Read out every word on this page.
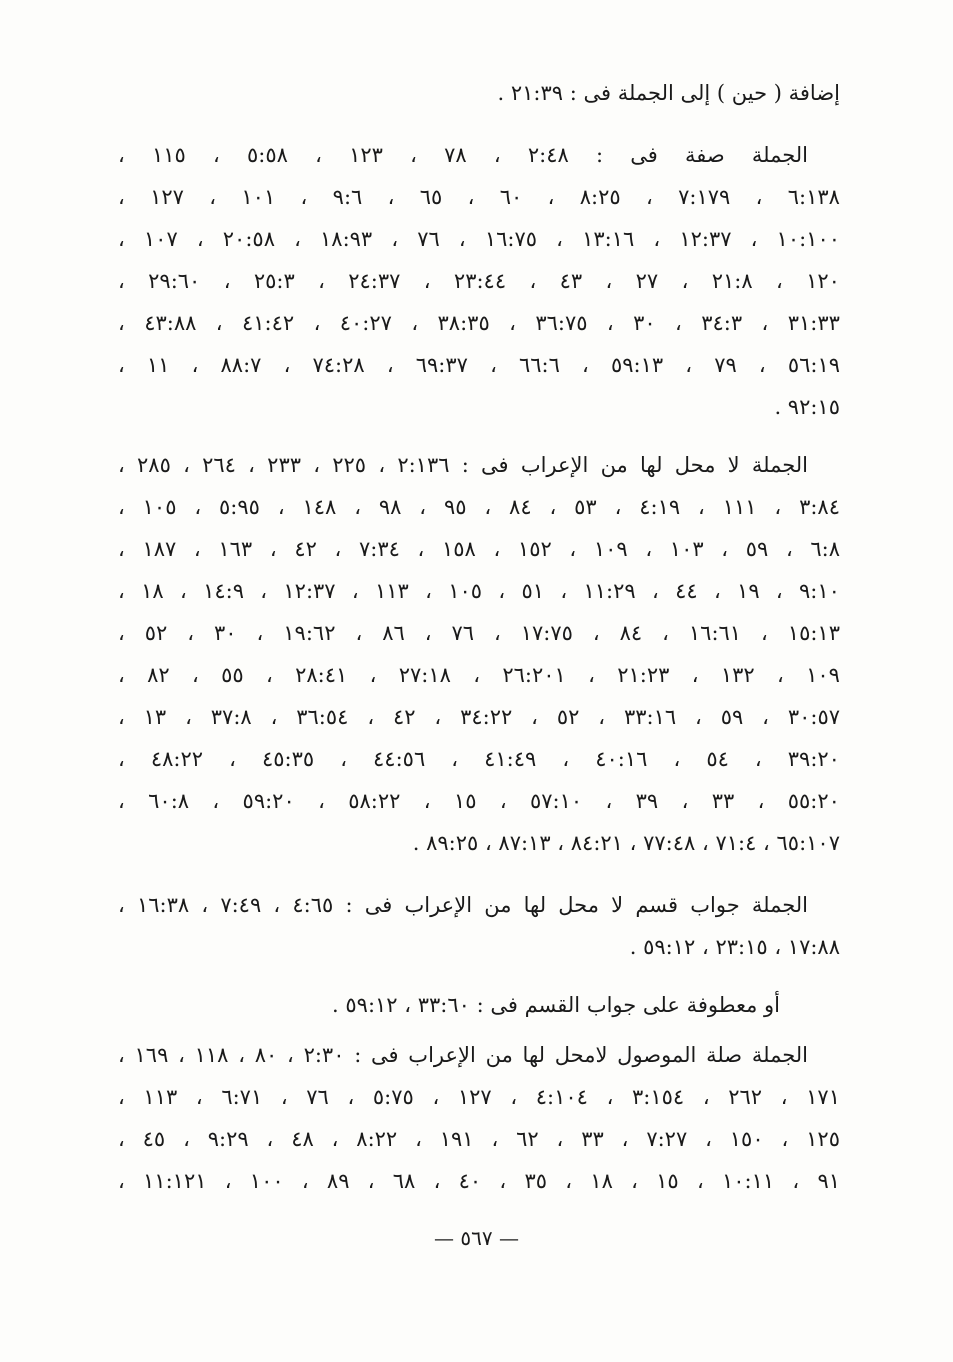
إضافة ( حين ) إلى الجملة فى : ٢١:٣٩ .
الجملة صفة فى : ٢:٤٨ ، ٧٨ ، ١٢٣ ، ٥:٥٨ ، ١١٥ ،
٦:١٣٨ ، ٧:١٧٩ ، ٨:٢٥ ، ٦٠ ، ٦٥ ، ٩:٦ ، ١٠١ ، ١٢٧ ،
١٠:١٠٠ ، ١٢:٣٧ ، ١٣:١٦ ، ١٦:٧٥ ، ٧٦ ، ١٨:٩٣ ، ٢٠:٥٨ ، ١٠٧ ،
١٢٠ ، ٢١:٨ ، ٢٧ ، ٤٣ ، ٢٣:٤٤ ، ٢٤:٣٧ ، ٢٥:٣ ، ٢٩:٦٠ ،
٣١:٣٣ ، ٣٤:٣ ، ٣٠ ، ٣٦:٧٥ ، ٣٨:٣٥ ، ٤٠:٢٧ ، ٤١:٤٢ ، ٤٣:٨٨ ،
٥٦:١٩ ، ٧٩ ، ٥٩:١٣ ، ٦٦:٦ ، ٦٩:٣٧ ، ٧٤:٢٨ ، ٨٨:٧ ، ١١ ،
٩٢:١٥ .
الجملة لا محل لها من الإعراب فى : ٢:١٣٦ ، ٢٢٥ ، ٢٣٣ ، ٢٦٤ ، ٢٨٥ ،
٣:٨٤ ، ١١١ ، ٤:١٩ ، ٥٣ ، ٨٤ ، ٩٥ ، ٩٨ ، ١٤٨ ، ٥:٩٥ ، ١٠٥ ،
٦:٨ ، ٥٩ ، ١٠٣ ، ١٠٩ ، ١٥٢ ، ١٥٨ ، ٧:٣٤ ، ٤٢ ، ١٦٣ ، ١٨٧ ،
٩:١٠ ، ١٩ ، ٤٤ ، ١١:٢٩ ، ٥١ ، ١٠٥ ، ١١٣ ، ١٢:٣٧ ، ١٤:٩ ، ١٨ ،
١٥:١٣ ، ١٦:٦١ ، ٨٤ ، ١٧:٧٥ ، ٧٦ ، ٨٦ ، ١٩:٦٢ ، ٣٠ ، ٥٢ ،
١٠٩ ، ١٣٢ ، ٢١:٢٣ ، ٢٦:٢٠١ ، ٢٧:١٨ ، ٢٨:٤١ ، ٥٥ ، ٨٢ ،
٣٠:٥٧ ، ٥٩ ، ٣٣:١٦ ، ٥٢ ، ٣٤:٢٢ ، ٤٢ ، ٣٦:٥٤ ، ٣٧:٨ ، ١٣ ،
٣٩:٢٠ ، ٥٤ ، ٤٠:١٦ ، ٤١:٤٩ ، ٤٤:٥٦ ، ٤٥:٣٥ ، ٤٨:٢٢ ،
٥٥:٢٠ ، ٣٣ ، ٣٩ ، ٥٧:١٠ ، ١٥ ، ٥٨:٢٢ ، ٥٩:٢٠ ، ٦٠:٨ ،
٦٥:١٠٧ ، ٧١:٤ ، ٧٧:٤٨ ، ٨٤:٢١ ، ٨٧:١٣ ، ٨٩:٢٥ .
الجملة جواب قسم لا محل لها من الإعراب فى : ٤:٦٥ ، ٧:٤٩ ، ١٦:٣٨ ،
١٧:٨٨ ، ٢٣:١٥ ، ٥٩:١٢ .
أو معطوفة على جواب القسم فى : ٣٣:٦٠ ، ٥٩:١٢ .
الجملة صلة الموصول لامحل لها من الإعراب فى : ٢:٣٠ ، ٨٠ ، ١١٨ ، ١٦٩ ،
١٧١ ، ٢٦٢ ، ٣:١٥٤ ، ٤:١٠٤ ، ١٢٧ ، ٥:٧٥ ، ٧٦ ، ٦:٧١ ، ١١٣ ،
١٢٥ ، ١٥٠ ، ٧:٢٧ ، ٣٣ ، ٦٢ ، ١٩١ ، ٨:٢٢ ، ٤٨ ، ٩:٢٩ ، ٤٥ ،
٩١ ، ١٠:١١ ، ١٥ ، ١٨ ، ٣٥ ، ٤٠ ، ٦٨ ، ٨٩ ، ١٠٠ ، ١١:١٢١ ،
— ٥٦٧ —
